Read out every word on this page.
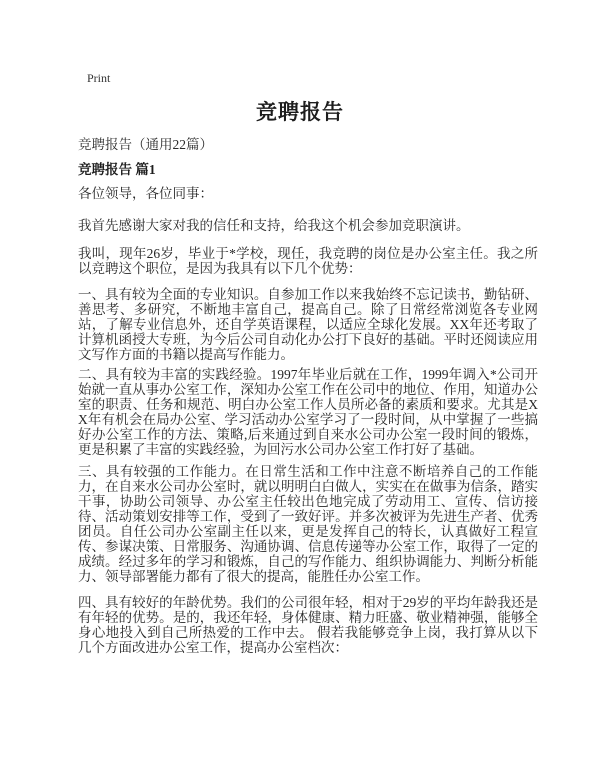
Print
竞聘报告

竞聘报告（通用22篇）

竞聘报告 篇1

各位领导，各位同事：

我首先感谢大家对我的信任和支持，给我这个机会参加竞职演讲。

我叫，现年26岁，毕业于*学校，现任，我竞聘的岗位是办公室主任。我之所以竞聘这个职位，是因为我具有以下几个优势：

一、具有较为全面的专业知识。自参加工作以来我始终不忘记读书，勤钻研、善思考、多研究，不断地丰富自己，提高自己。除了日常经常浏览各专业网站，了解专业信息外，还自学英语课程，以适应全球化发展。XX年还考取了计算机函授大专班，为今后公司自动化办公打下良好的基础。平时还阅读应用文写作方面的书籍以提高写作能力。

二、具有较为丰富的实践经验。1997年毕业后就在工作，1999年调入*公司开始就一直从事办公室工作，深知办公室工作在公司中的地位、作用，知道办公室的职责、任务和规范、明白办公室工作人员所必备的素质和要求。尤其是XX年有机会在局办公室、学习活动办公室学习了一段时间，从中掌握了一些搞好办公室工作的方法、策略,后来通过到自来水公司办公室一段时间的锻炼，更是积累了丰富的实践经验，为回污水公司办公室工作打好了基础。

三、具有较强的工作能力。在日常生活和工作中注意不断培养自己的工作能力，在自来水公司办公室时，就以明明白白做人，实实在在做事为信条，踏实干事，协助公司领导、办公室主任较出色地完成了劳动用工、宣传、信访接待、活动策划安排等工作，受到了一致好评。并多次被评为先进生产者、优秀团员。自任公司办公室副主任以来，更是发挥自己的特长，认真做好工程宣传、参谋决策、日常服务、沟通协调、信息传递等办公室工作，取得了一定的成绩。经过多年的学习和锻炼，自己的写作能力、组织协调能力、判断分析能力、领导部署能力都有了很大的提高，能胜任办公室工作。

四、具有较好的年龄优势。我们的公司很年轻，相对于29岁的平均年龄我还是有年轻的优势。是的，我还年轻，身体健康、精力旺盛、敬业精神强，能够全身心地投入到自己所热爱的工作中去。 假若我能够竞争上岗，我打算从以下几个方面改进办公室工作，提高办公室档次：
